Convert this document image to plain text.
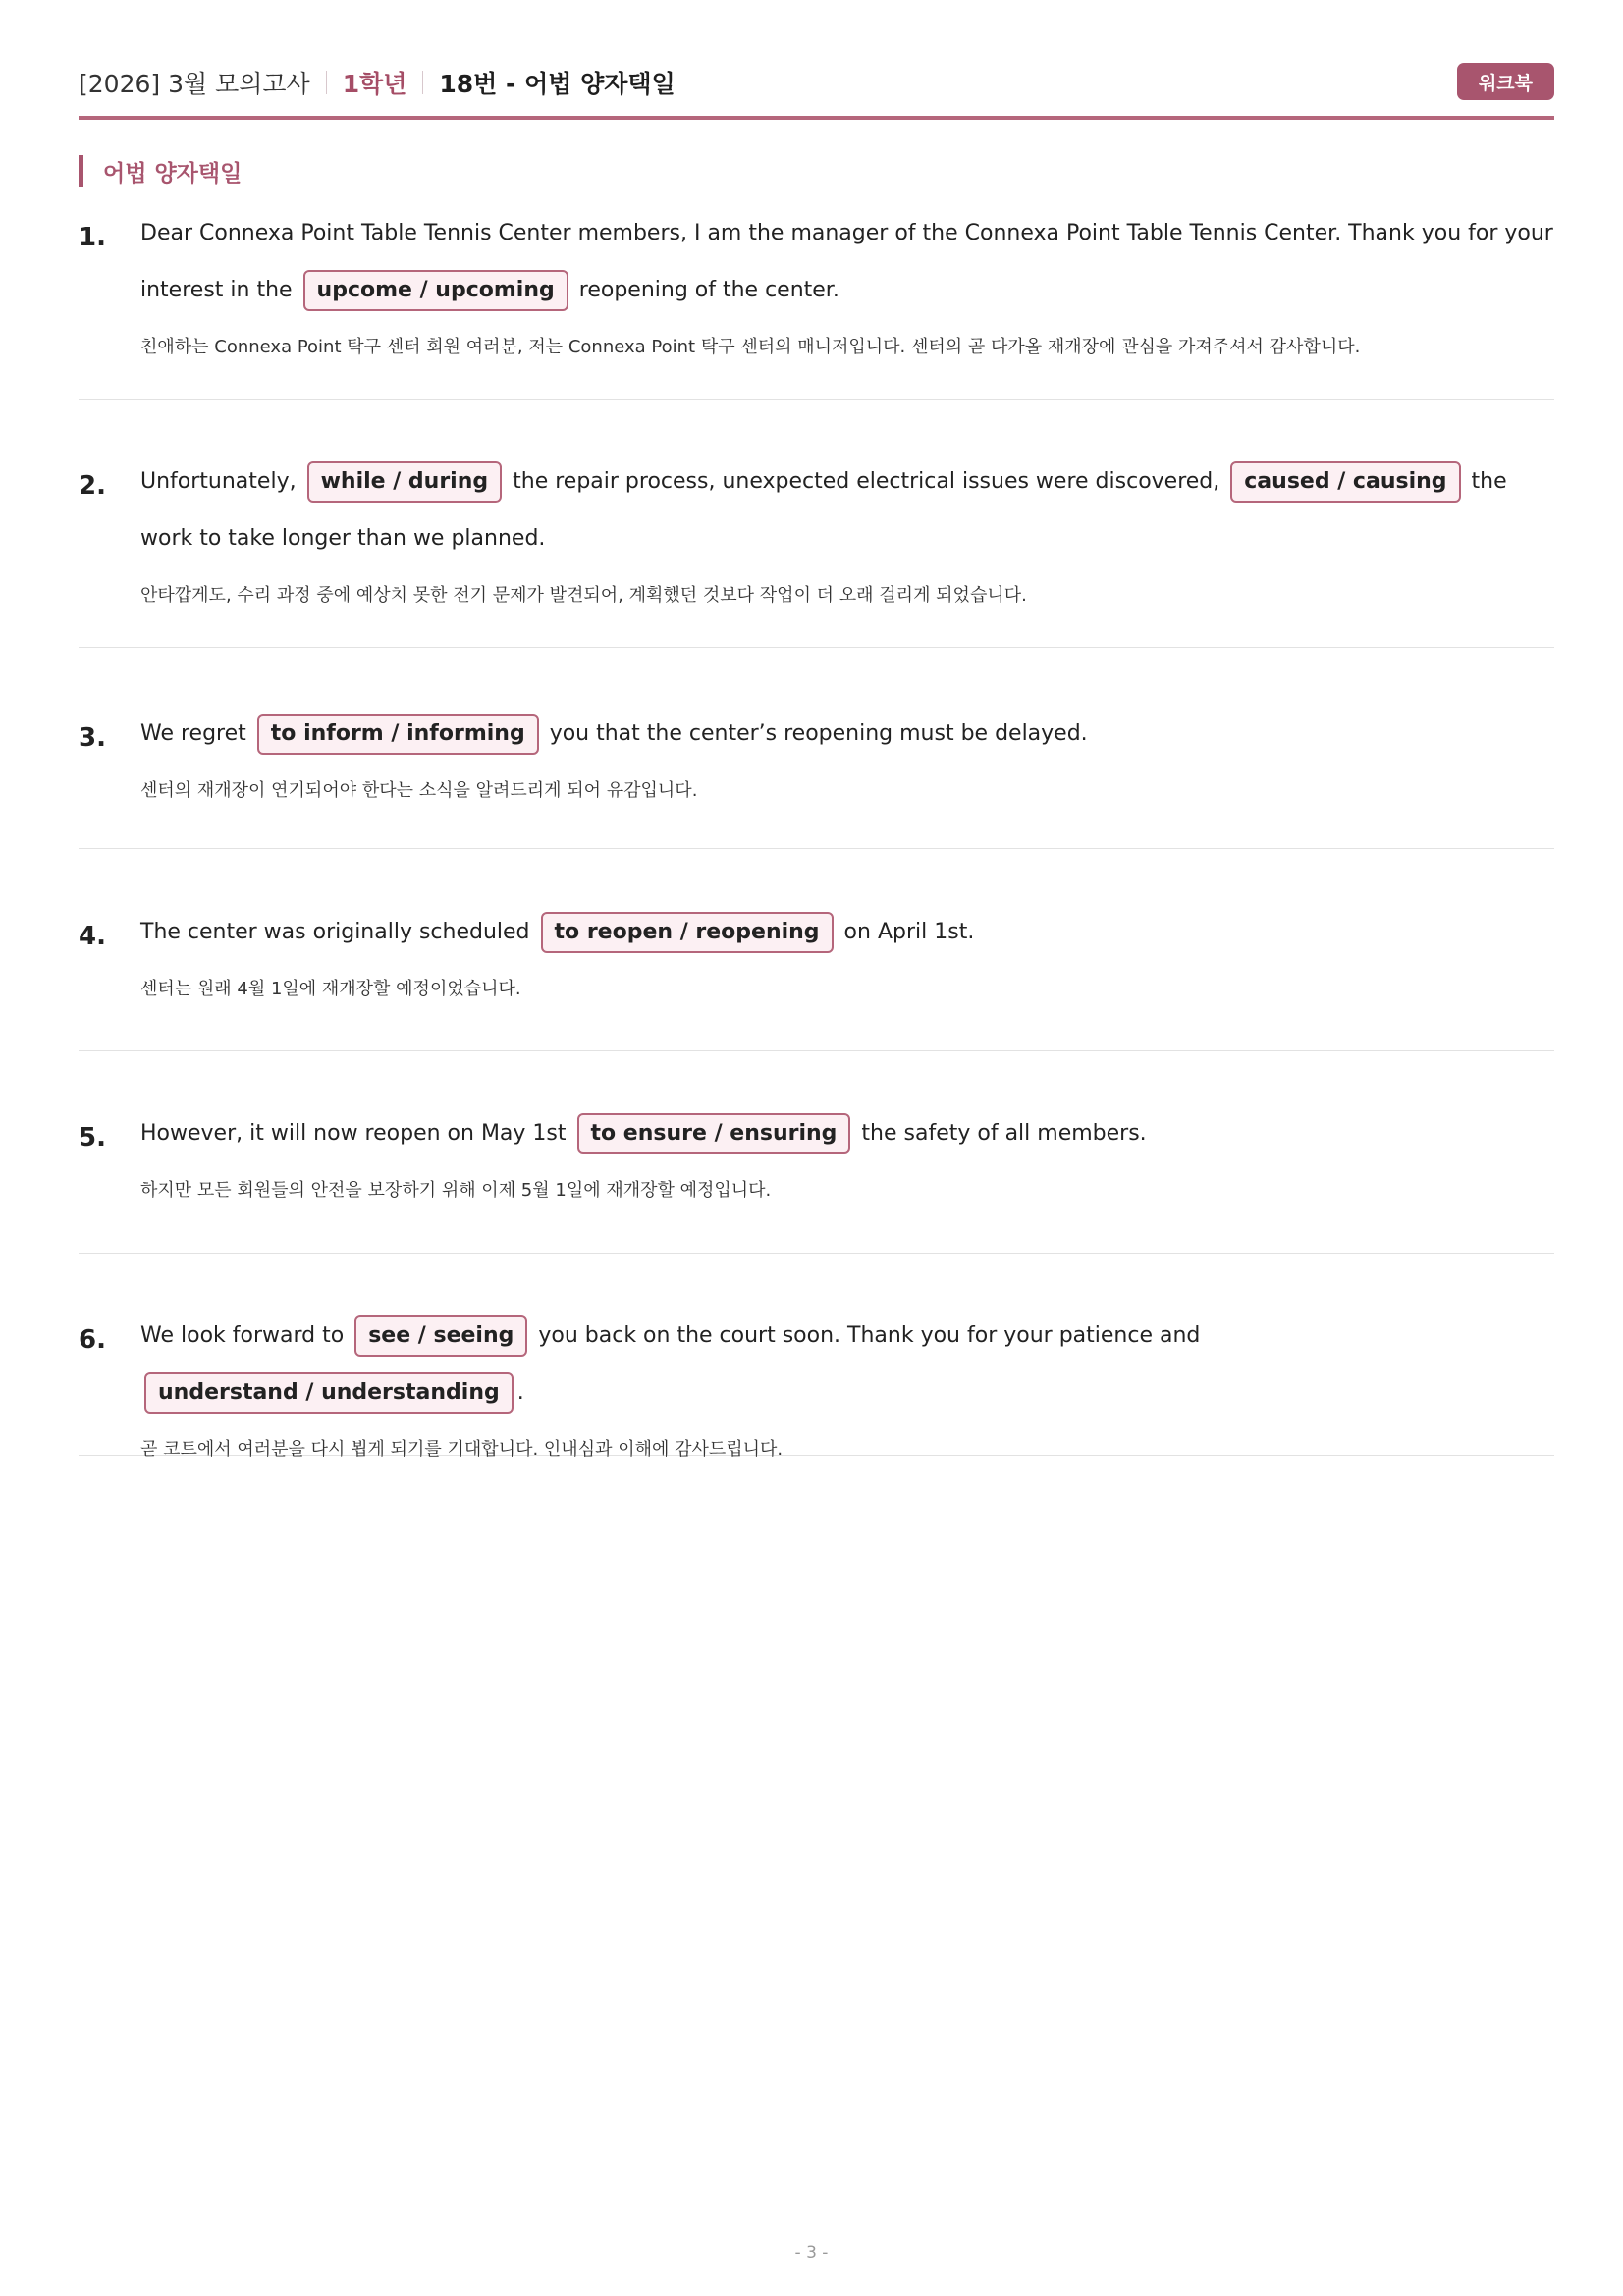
[2026] 3월 모의고사 1학년 18번 - 어법 양자택일	워크북
어법 양자택일
1. Dear Connexa Point Table Tennis Center members, I am the manager of the Connexa Point Table Tennis Center. Thank you for your interest in the upcome / upcoming reopening of the center.
친애하는 Connexa Point 탁구 센터 회원 여러분, 저는 Connexa Point 탁구 센터의 매니저입니다. 센터의 곧 다가올 재개장에 관심을 가져주셔서 감사합니다.
2. Unfortunately, while / during the repair process, unexpected electrical issues were discovered, caused / causing the work to take longer than we planned.
안타깝게도, 수리 과정 중에 예상치 못한 전기 문제가 발견되어, 계획했던 것보다 작업이 더 오래 걸리게 되었습니다.
3. We regret to inform / informing you that the center’s reopening must be delayed.
센터의 재개장이 연기되어야 한다는 소식을 알려드리게 되어 유감입니다.
4. The center was originally scheduled to reopen / reopening on April 1st.
센터는 원래 4월 1일에 재개장할 예정이었습니다.
5. However, it will now reopen on May 1st to ensure / ensuring the safety of all members.
하지만 모든 회원들의 안전을 보장하기 위해 이제 5월 1일에 재개장할 예정입니다.
6. We look forward to see / seeing you back on the court soon. Thank you for your patience and understand / understanding .
곧 코트에서 여러분을 다시 뵙게 되기를 기대합니다. 인내심과 이해에 감사드립니다.
- 3 -
